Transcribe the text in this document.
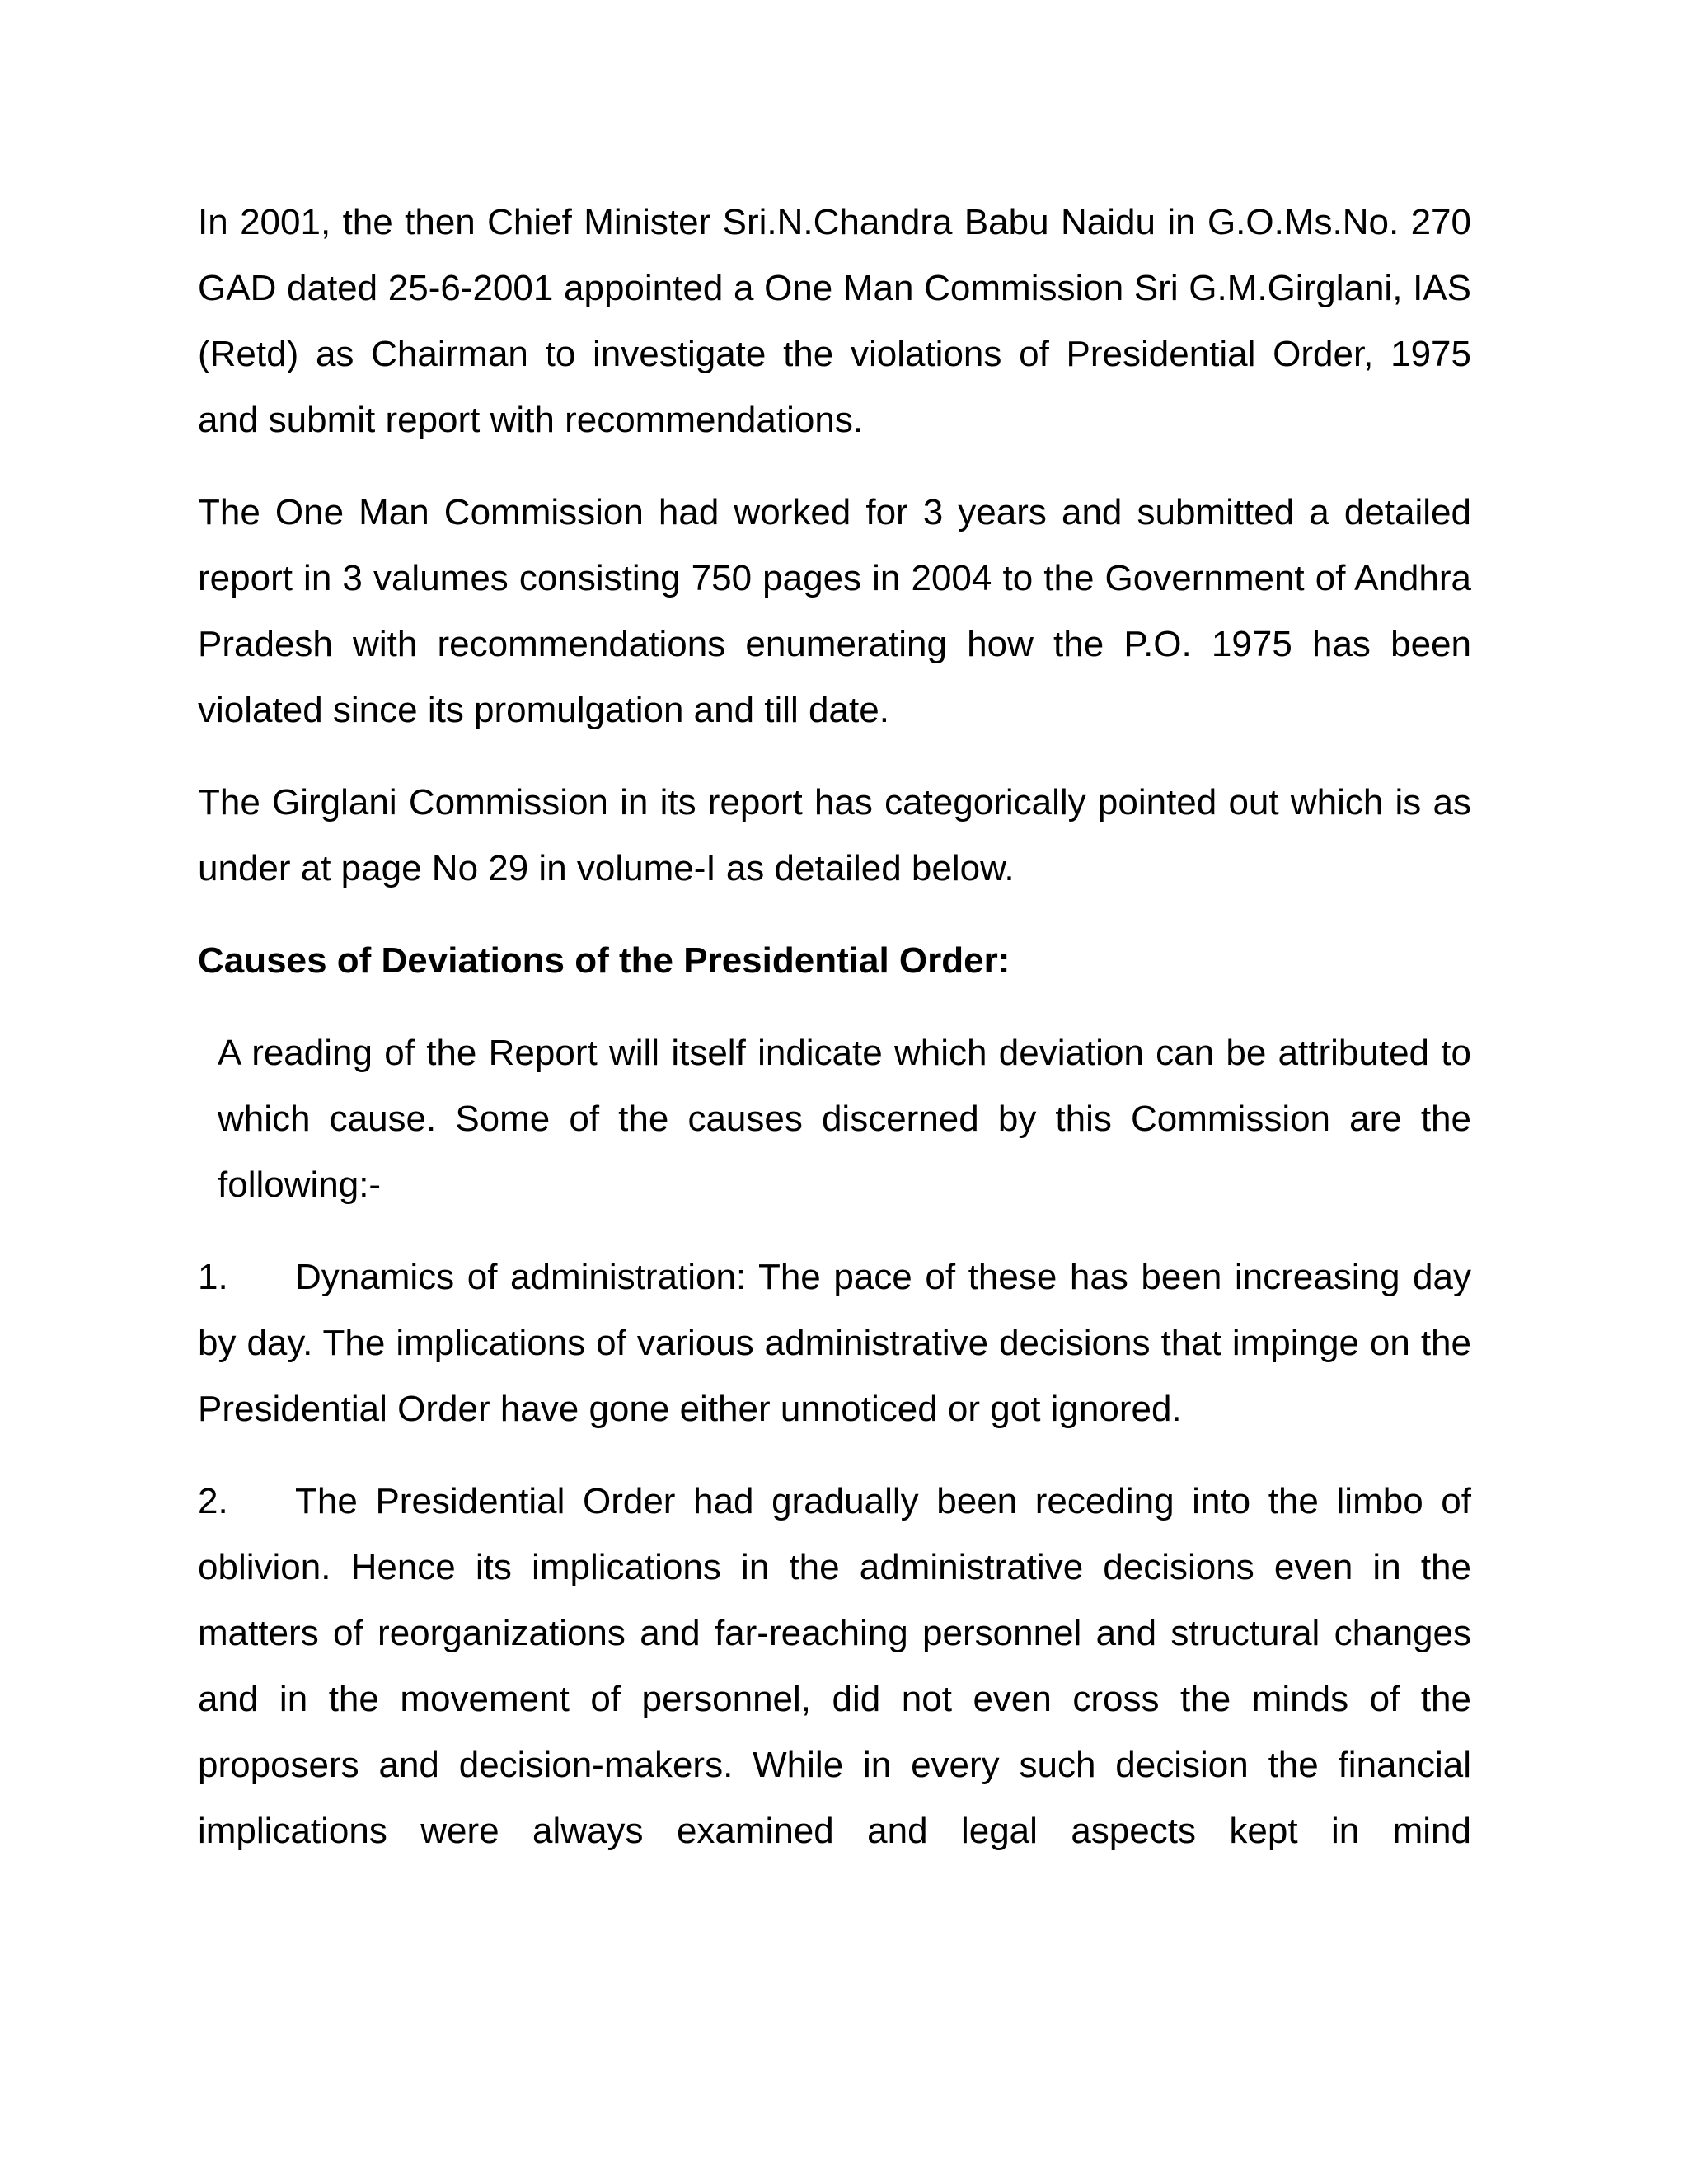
In 2001, the then Chief Minister Sri.N.Chandra Babu Naidu in G.O.Ms.No. 270 GAD dated 25-6-2001 appointed a One Man Commission Sri G.M.Girglani, IAS (Retd) as Chairman to investigate the violations of Presidential Order, 1975 and submit report with recommendations.

The One Man Commission had worked for 3 years and submitted a detailed report in 3 valumes consisting 750 pages in 2004 to the Government of Andhra Pradesh with recommendations enumerating how the P.O. 1975 has been violated since its promulgation and till date.

The Girglani Commission in its report has categorically pointed out which is as under at page No 29 in volume-I as detailed below.

Causes of Deviations of the Presidential Order:

A reading of the Report will itself indicate which deviation can be attributed to which cause. Some of the causes discerned by this Commission are the following:-

1. Dynamics of administration: The pace of these has been increasing day by day. The implications of various administrative decisions that impinge on the Presidential Order have gone either unnoticed or got ignored.

2. The Presidential Order had gradually been receding into the limbo of oblivion. Hence its implications in the administrative decisions even in the matters of reorganizations and far-reaching personnel and structural changes and in the movement of personnel, did not even cross the minds of the proposers and decision-makers. While in every such decision the financial implications were always examined and legal aspects kept in mind
